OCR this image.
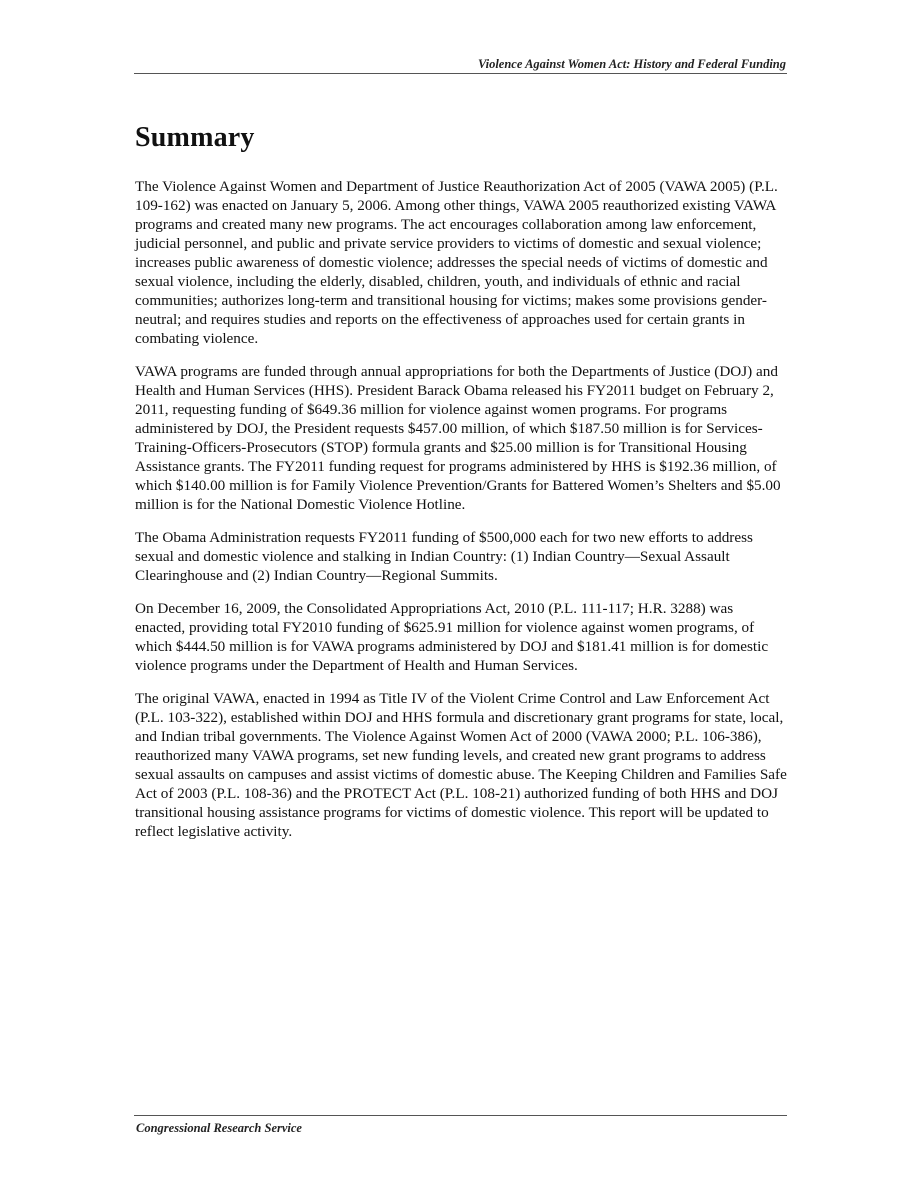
Violence Against Women Act: History and Federal Funding
Summary

The Violence Against Women and Department of Justice Reauthorization Act of 2005 (VAWA 2005) (P.L. 109-162) was enacted on January 5, 2006. Among other things, VAWA 2005 reauthorized existing VAWA programs and created many new programs. The act encourages collaboration among law enforcement, judicial personnel, and public and private service providers to victims of domestic and sexual violence; increases public awareness of domestic violence; addresses the special needs of victims of domestic and sexual violence, including the elderly, disabled, children, youth, and individuals of ethnic and racial communities; authorizes long-term and transitional housing for victims; makes some provisions gender-neutral; and requires studies and reports on the effectiveness of approaches used for certain grants in combating violence.

VAWA programs are funded through annual appropriations for both the Departments of Justice (DOJ) and Health and Human Services (HHS). President Barack Obama released his FY2011 budget on February 2, 2011, requesting funding of $649.36 million for violence against women programs. For programs administered by DOJ, the President requests $457.00 million, of which $187.50 million is for Services-Training-Officers-Prosecutors (STOP) formula grants and $25.00 million is for Transitional Housing Assistance grants. The FY2011 funding request for programs administered by HHS is $192.36 million, of which $140.00 million is for Family Violence Prevention/Grants for Battered Women’s Shelters and $5.00 million is for the National Domestic Violence Hotline.

The Obama Administration requests FY2011 funding of $500,000 each for two new efforts to address sexual and domestic violence and stalking in Indian Country: (1) Indian Country—Sexual Assault Clearinghouse and (2) Indian Country—Regional Summits.

On December 16, 2009, the Consolidated Appropriations Act, 2010 (P.L. 111-117; H.R. 3288) was enacted, providing total FY2010 funding of $625.91 million for violence against women programs, of which $444.50 million is for VAWA programs administered by DOJ and $181.41 million is for domestic violence programs under the Department of Health and Human Services.

The original VAWA, enacted in 1994 as Title IV of the Violent Crime Control and Law Enforcement Act (P.L. 103-322), established within DOJ and HHS formula and discretionary grant programs for state, local, and Indian tribal governments. The Violence Against Women Act of 2000 (VAWA 2000; P.L. 106-386), reauthorized many VAWA programs, set new funding levels, and created new grant programs to address sexual assaults on campuses and assist victims of domestic abuse. The Keeping Children and Families Safe Act of 2003 (P.L. 108-36) and the PROTECT Act (P.L. 108-21) authorized funding of both HHS and DOJ transitional housing assistance programs for victims of domestic violence. This report will be updated to reflect legislative activity.

Congressional Research Service
